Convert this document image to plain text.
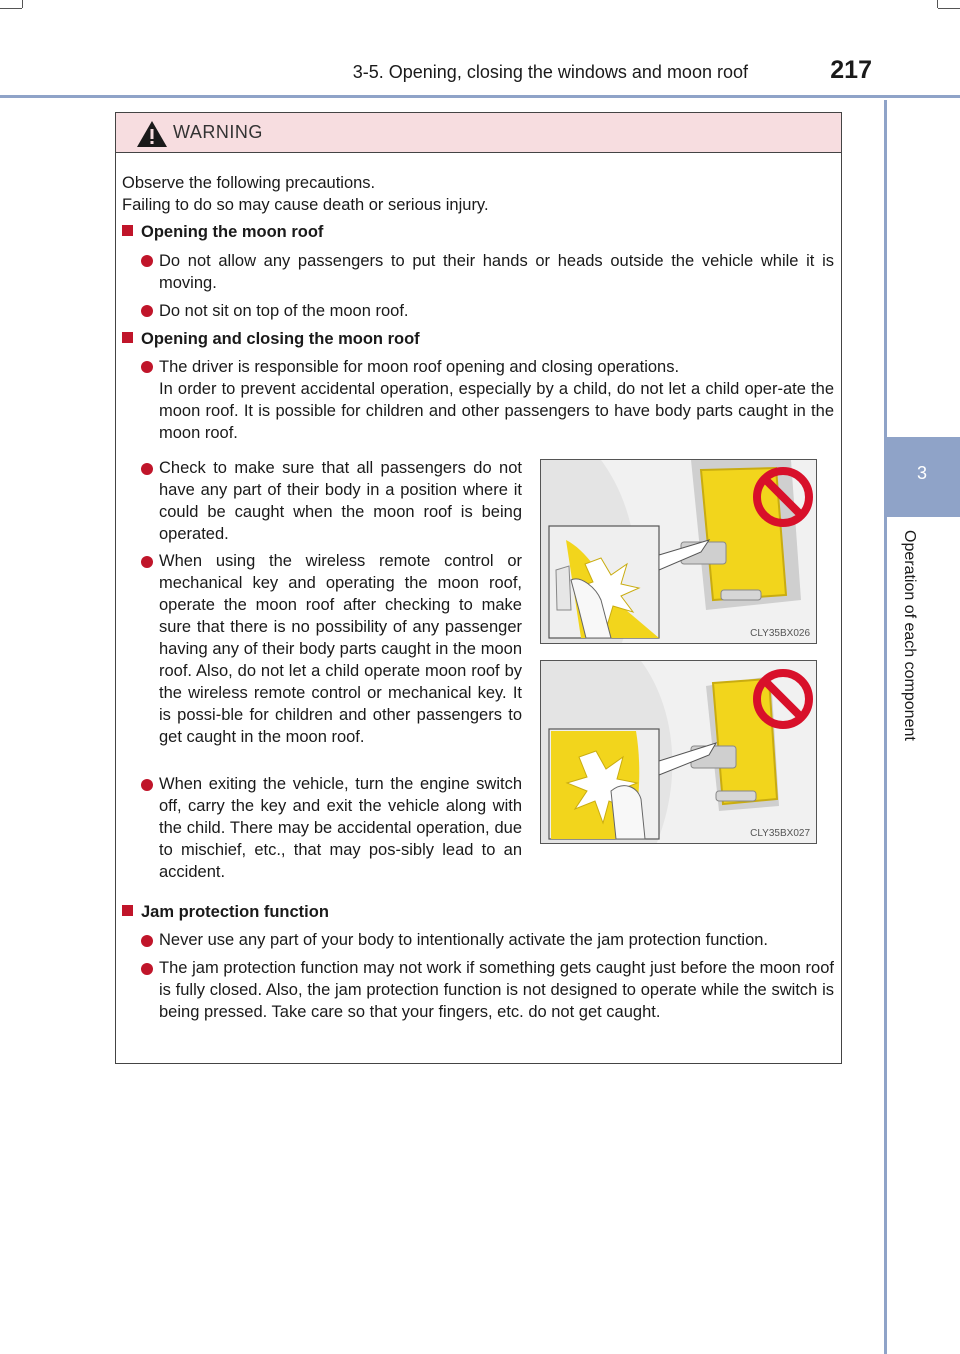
3-5. Opening, closing the windows and moon roof	217
3
Operation of each component
WARNING
Observe the following precautions.
Failing to do so may cause death or serious injury.
Opening the moon roof
Do not allow any passengers to put their hands or heads outside the vehicle while it is moving.
Do not sit on top of the moon roof.
Opening and closing the moon roof
The driver is responsible for moon roof opening and closing operations.
In order to prevent accidental operation, especially by a child, do not let a child oper-ate the moon roof. It is possible for children and other passengers to have body parts caught in the moon roof.
Check to make sure that all passengers do not have any part of their body in a position where it could be caught when the moon roof is being operated.
When using the wireless remote control or mechanical key and operating the moon roof, operate the moon roof after checking to make sure that there is no possibility of any passenger having any of their body parts caught in the moon roof. Also, do not let a child operate moon roof by the wireless remote control or mechanical key. It is possi-ble for children and other passengers to get caught in the moon roof.
When exiting the vehicle, turn the engine switch off, carry the key and exit the vehicle along with the child. There may be accidental operation, due to mischief, etc., that may pos-sibly lead to an accident.
Jam protection function
Never use any part of your body to intentionally activate the jam protection function.
The jam protection function may not work if something gets caught just before the moon roof is fully closed. Also, the jam protection function is not designed to operate while the switch is being pressed. Take care so that your fingers, etc. do not get caught.
CLY35BX026
CLY35BX027
